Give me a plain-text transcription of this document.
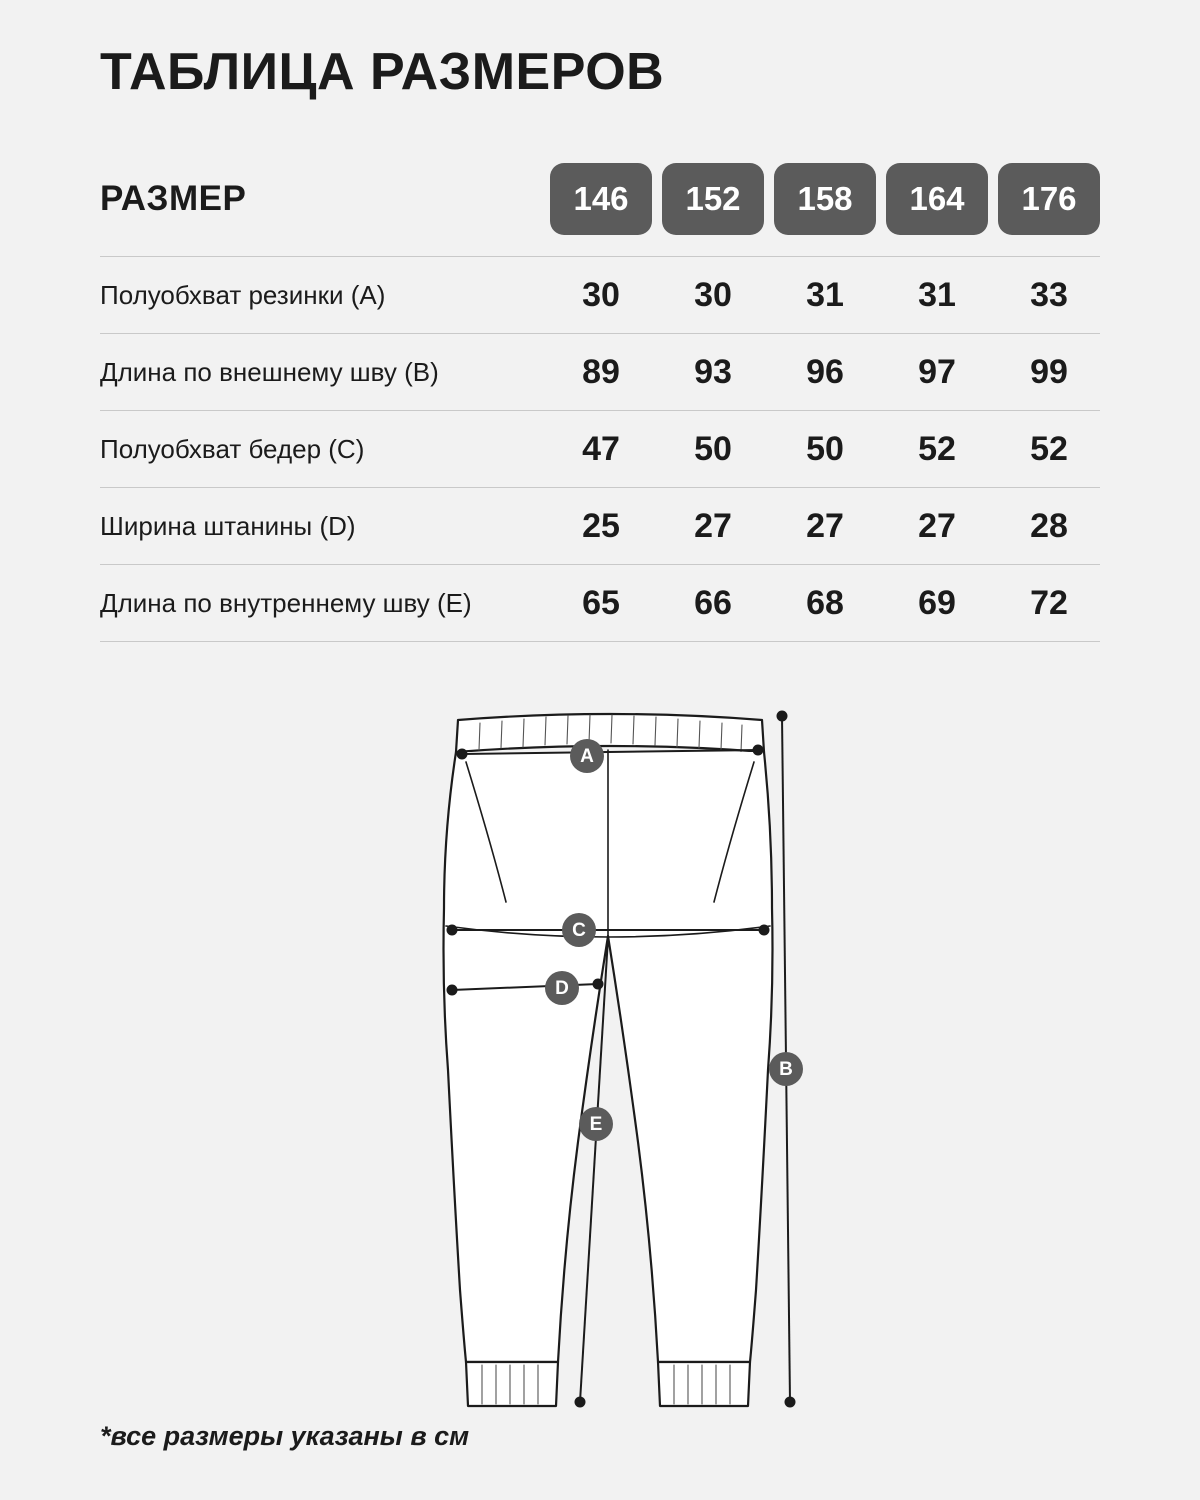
ТАБЛИЦА РАЗМЕРОВ
РАЗМЕР	146	152	158	164	176
Полуобхват резинки (A)	30	30	31	31	33
Длина по внешнему шву (B)	89	93	96	97	99
Полуобхват бедер (C)	47	50	50	52	52
Ширина штанины (D)	25	27	27	27	28
Длина по внутреннему шву (E)	65	66	68	69	72
A
C
D
B
E
*все размеры указаны в см
